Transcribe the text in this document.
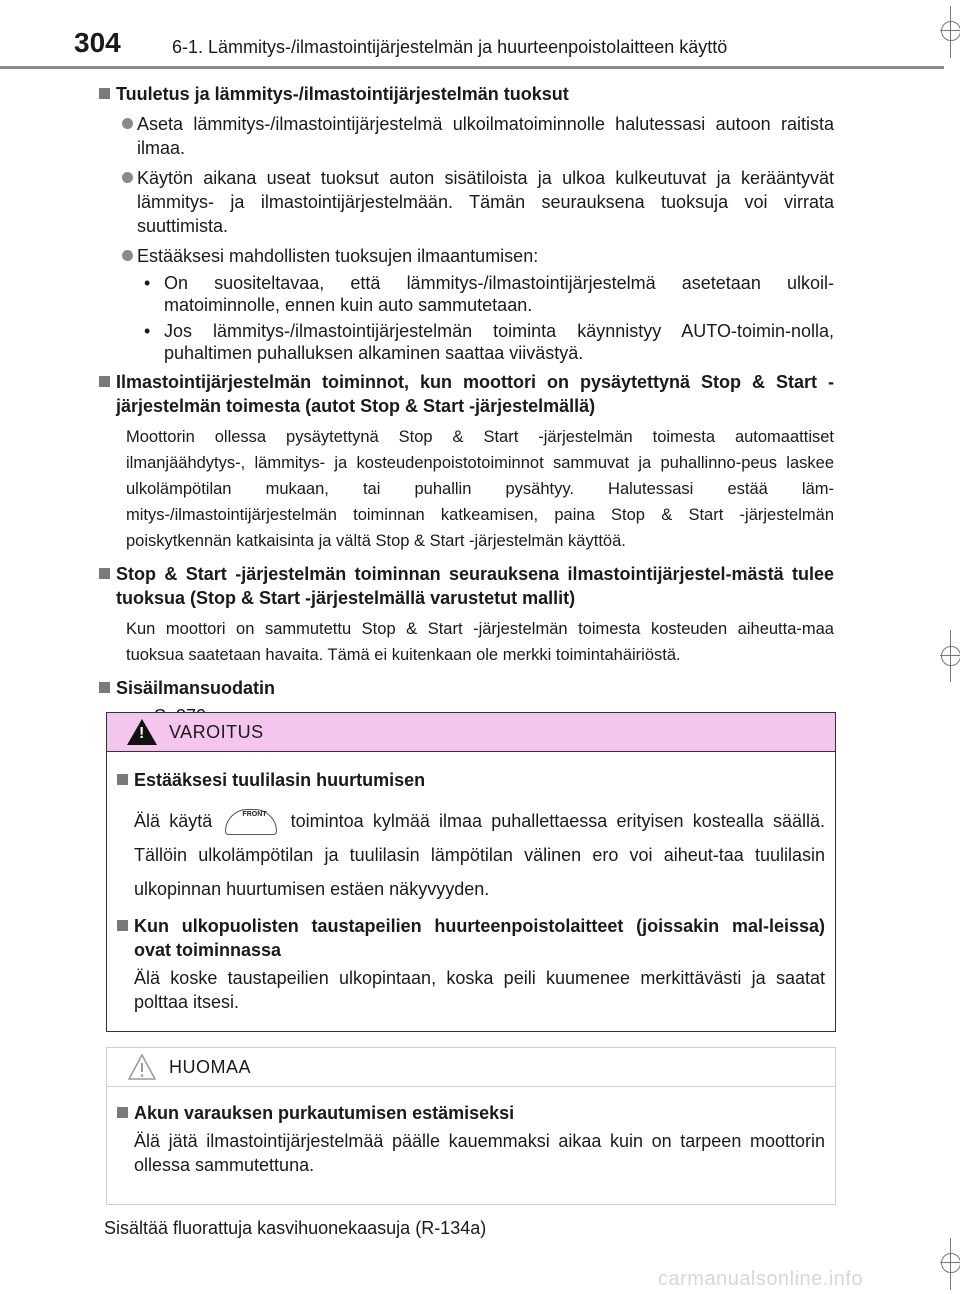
304	6-1. Lämmitys-/ilmastointijärjestelmän ja huurteenpoistolaitteen käyttö
Tuuletus ja lämmitys-/ilmastointijärjestelmän tuoksut
Aseta lämmitys-/ilmastointijärjestelmä ulkoilmatoiminnolle halutessasi autoon raitista ilmaa.
Käytön aikana useat tuoksut auton sisätiloista ja ulkoa kulkeutuvat ja kerääntyvät lämmitys- ja ilmastointijärjestelmään. Tämän seurauksena tuoksuja voi virrata suuttimista.
Estääksesi mahdollisten tuoksujen ilmaantumisen:
• On suositeltavaa, että lämmitys-/ilmastointijärjestelmä asetetaan ulkoil-matoiminnolle, ennen kuin auto sammutetaan.
• Jos lämmitys-/ilmastointijärjestelmän toiminta käynnistyy AUTO-toimin-nolla, puhaltimen puhalluksen alkaminen saattaa viivästyä.
Ilmastointijärjestelmän toiminnot, kun moottori on pysäytettynä Stop & Start -järjestelmän toimesta (autot Stop & Start -järjestelmällä)
Moottorin ollessa pysäytettynä Stop & Start -järjestelmän toimesta automaattiset ilmanjäähdytys-, lämmitys- ja kosteudenpoistotoiminnot sammuvat ja puhallinno-peus laskee ulkolämpötilan mukaan, tai puhallin pysähtyy. Halutessasi estää läm-mitys-/ilmastointijärjestelmän toiminnan katkeamisen, paina Stop & Start -järjestelmän poiskytkennän katkaisinta ja vältä Stop & Start -järjestelmän käyttöä.
Stop & Start -järjestelmän toiminnan seurauksena ilmastointijärjestel-mästä tulee tuoksua (Stop & Start -järjestelmällä varustetut mallit)
Kun moottori on sammutettu Stop & Start -järjestelmän toimesta kosteuden aiheutta-maa tuoksua saatetaan havaita. Tämä ei kuitenkaan ole merkki toimintahäiriöstä.
Sisäilmansuodatin
! VAROITUS
Estääksesi tuulilasin huurtumisen
Älä käytä	FRONT toimintoa kylmää ilmaa puhallettaessa erityisen kostealla säällä. Tällöin ulkolämpötilan ja tuulilasin lämpötilan välinen ero voi aiheut-taa tuulilasin ulkopinnan huurtumisen estäen näkyvyyden.
Kun ulkopuolisten taustapeilien huurteenpoistolaitteet (joissakin mal-leissa) ovat toiminnassa
Älä koske taustapeilien ulkopintaan, koska peili kuumenee merkittävästi ja saatat polttaa itsesi.
HUOMAA
Akun varauksen purkautumisen estämiseksi
Älä jätä ilmastointijärjestelmää päälle kauemmaksi aikaa kuin on tarpeen moottorin ollessa sammutettuna.
Sisältää fluorattuja kasvihuonekaasuja (R-134a)
carmanualsonline.info
